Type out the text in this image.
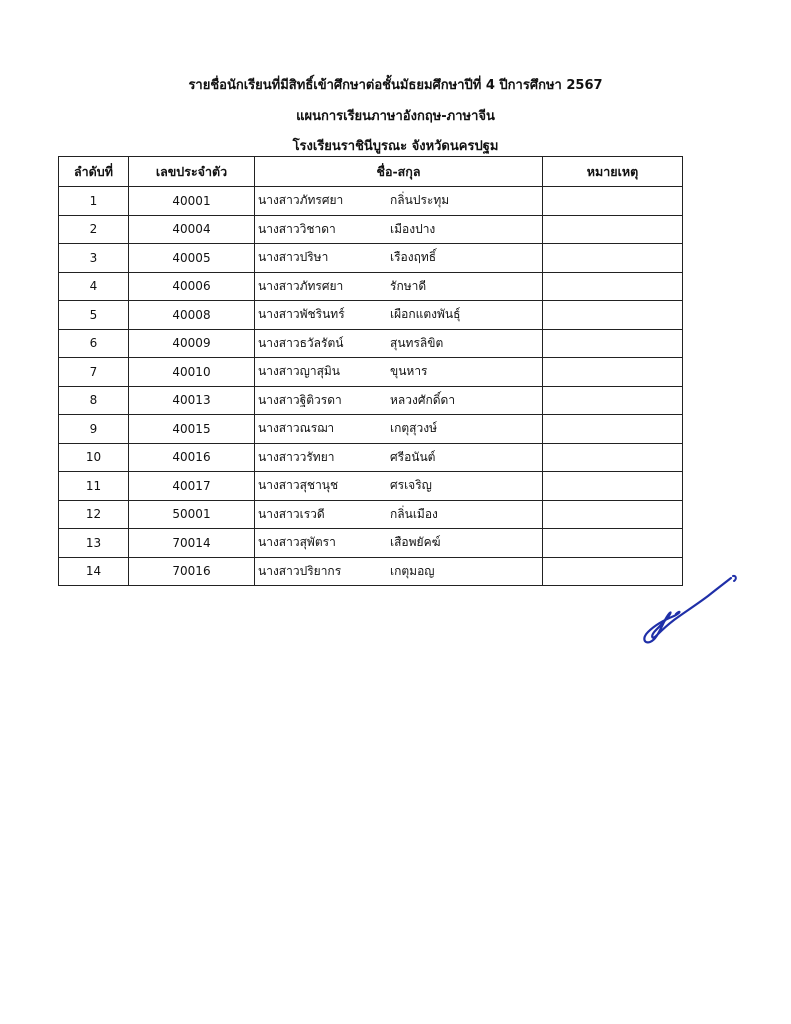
รายชื่อนักเรียนที่มีสิทธิ์เข้าศึกษาต่อชั้นมัธยมศึกษาปีที่ 4 ปีการศึกษา 2567
แผนการเรียนภาษาอังกฤษ-ภาษาจีน
โรงเรียนราชินีบูรณะ จังหวัดนครปฐม
ลำดับที่	เลขประจำตัว	ชื่อ-สกุล	หมายเหตุ
1	40001	นางสาวภัทรศยา กลิ่นประทุม	
2	40004	นางสาววิชาดา เมืองปาง	
3	40005	นางสาวปริษา เรืองฤทธิ์	
4	40006	นางสาวภัทรศยา รักษาดี	
5	40008	นางสาวพัชรินทร์ เผือกแตงพันธุ์	
6	40009	นางสาวธวัลรัตน์ สุนทรลิขิต	
7	40010	นางสาวญาสุมิน ขุนหาร	
8	40013	นางสาวฐิติวรดา หลวงศักดิ์ดา	
9	40015	นางสาวณรฌา เกตุสุวงษ์	
10	40016	นางสาววรัทยา ศรีอนันต์	
11	40017	นางสาวสุชานุช ศรเจริญ	
12	50001	นางสาวเรวดี กลิ่นเมือง	
13	70014	นางสาวสุพัตรา เสือพยัคฆ์	
14	70016	นางสาวปริยากร เกตุมอญ	
